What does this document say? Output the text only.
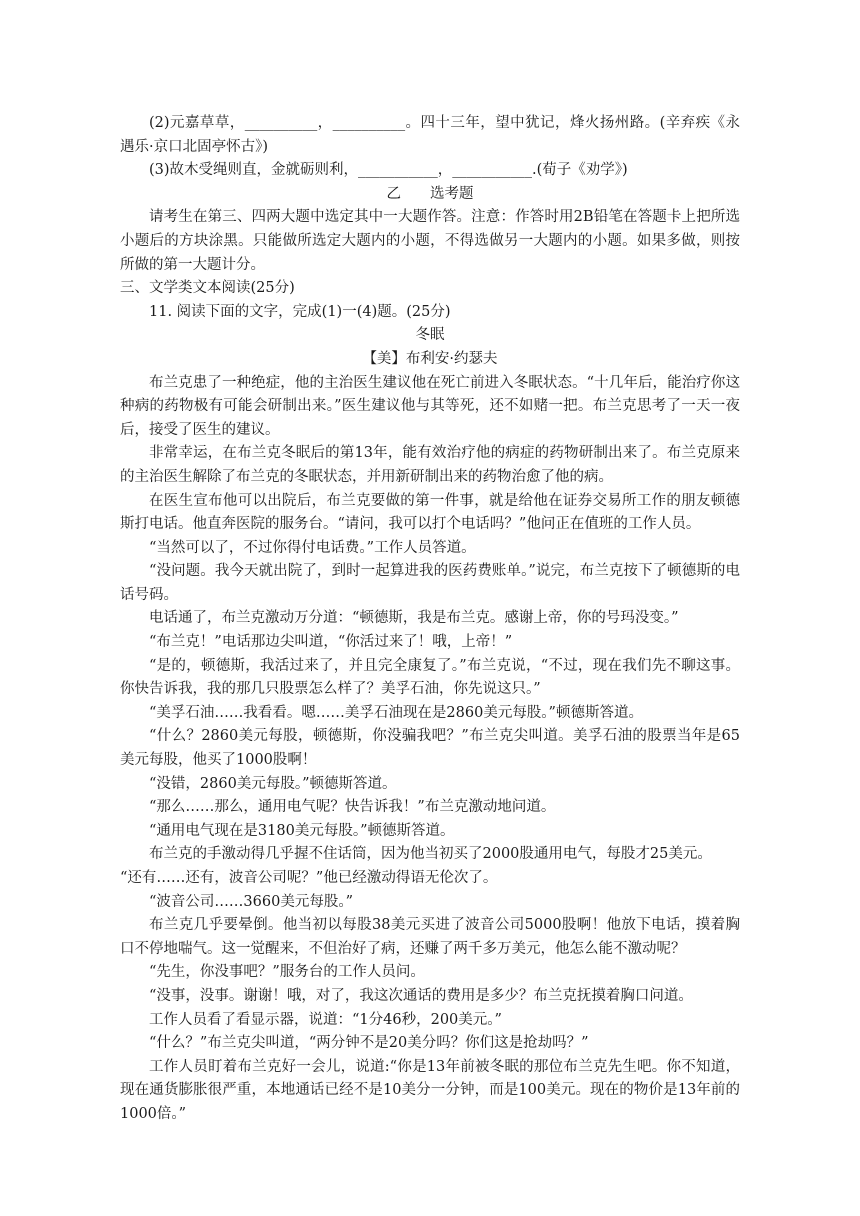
(2)元嘉草草，__________，__________。四十三年，望中犹记，烽火扬州路。(辛弃疾《永遇乐·京口北固亭怀古》)

(3)故木受绳则直，金就砺则利，___________，___________.(荀子《劝学》)

乙　　选考题

请考生在第三、四两大题中选定其中一大题作答。注意：作答时用2B铅笔在答题卡上把所选小题后的方块涂黑。只能做所选定大题内的小题，不得选做另一大题内的小题。如果多做，则按所做的第一大题计分。

三、文学类文本阅读(25分)

11. 阅读下面的文字，完成(1)一(4)题。(25分)

冬眠

【美】布利安·约瑟夫

布兰克患了一种绝症，他的主治医生建议他在死亡前进入冬眠状态。“十几年后，能治疗你这种病的药物极有可能会研制出来。”医生建议他与其等死，还不如赌一把。布兰克思考了一天一夜后，接受了医生的建议。

非常幸运，在布兰克冬眠后的第13年，能有效治疗他的病症的药物研制出来了。布兰克原来的主治医生解除了布兰克的冬眠状态，并用新研制出来的药物治愈了他的病。

在医生宣布他可以出院后，布兰克要做的第一件事，就是给他在证券交易所工作的朋友顿德斯打电话。他直奔医院的服务台。“请问，我可以打个电话吗？”他问正在值班的工作人员。

“当然可以了，不过你得付电话费。”工作人员答道。

“没问题。我今天就出院了，到时一起算进我的医药费账单。”说完，布兰克按下了顿德斯的电话号码。

电话通了，布兰克激动万分道：“顿德斯，我是布兰克。感谢上帝，你的号玛没变。”

“布兰克！”电话那边尖叫道，“你活过来了！哦，上帝！”

“是的，顿德斯，我活过来了，并且完全康复了。”布兰克说，“不过，现在我们先不聊这事。你快告诉我，我的那几只股票怎么样了？美孚石油，你先说这只。”

“美孚石油……我看看。嗯……美孚石油现在是2860美元每股。”顿德斯答道。

“什么？2860美元每股，顿德斯，你没骗我吧？”布兰克尖叫道。美孚石油的股票当年是65美元每股，他买了1000股啊！

“没错，2860美元每股。”顿德斯答道。

“那么……那么，通用电气呢？快告诉我！”布兰克激动地问道。

“通用电气现在是3180美元每股。”顿德斯答道。

布兰克的手激动得几乎握不住话筒，因为他当初买了2000股通用电气，每股才25美元。

“还有……还有，波音公司呢？”他已经激动得语无伦次了。

“波音公司……3660美元每股。”

布兰克几乎要晕倒。他当初以每股38美元买进了波音公司5000股啊！他放下电话，摸着胸口不停地喘气。这一觉醒来，不但治好了病，还赚了两千多万美元，他怎么能不激动呢？

“先生，你没事吧？”服务台的工作人员问。

“没事，没事。谢谢！哦，对了，我这次通话的费用是多少？布兰克抚摸着胸口问道。

工作人员看了看显示器，说道：“1分46秒，200美元。”

“什么？”布兰克尖叫道，“两分钟不是20美分吗？你们这是抢劫吗？”

工作人员盯着布兰克好一会儿，说道:“你是13年前被冬眠的那位布兰克先生吧。你不知道，现在通货膨胀很严重，本地通话已经不是10美分一分钟，而是100美元。现在的物价是13年前的1000倍。”
